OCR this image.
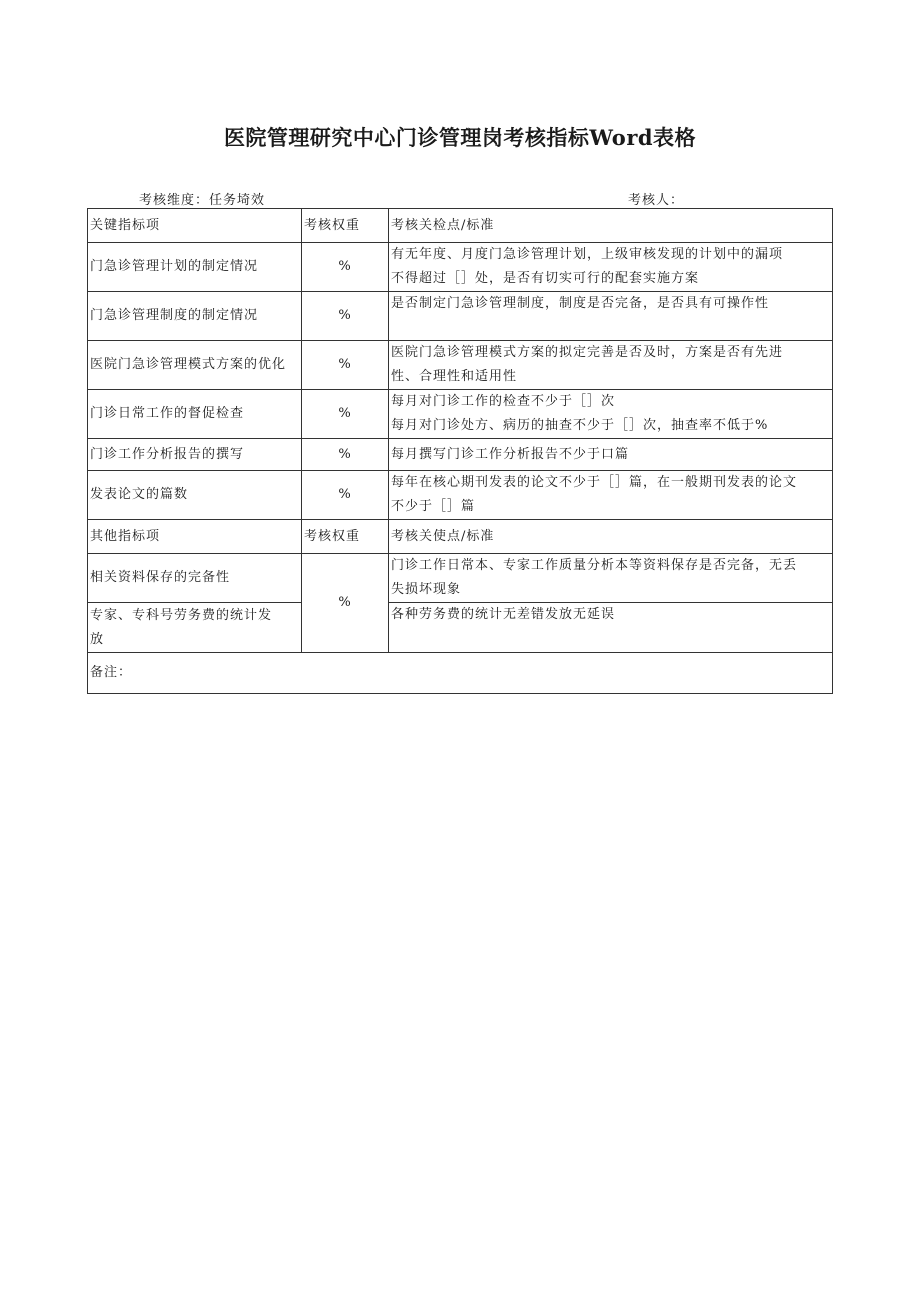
医院管理研究中心门诊管理岗考核指标Word表格
考核维度：任务埼效	考核人：
关键指标项	考核权重	考核关检点/标准
门急诊管理计划的制定情况	%	有无年度、月度门急诊管理计划，上级审核发现的计划中的漏项
不得超过［］处，是否有切实可行的配套实施方案

门急诊管理制度的制定情况	%	是否制定门急诊管理制度，制度是否完备，是否具有可操作性

医院门急诊管理模式方案的优化	%	医院门急诊管理模式方案的拟定完善是否及时，方案是否有先进
性、合理性和适用性

门诊日常工作的督促检查	%	每月对门诊工作的检查不少于［］次
每月对门诊处方、病历的抽查不少于［］次，抽查率不低于%

门诊工作分析报告的撰写	%	每月撰写门诊工作分析报告不少于口篇

发表论文的篇数	%	每年在核心期刊发表的论文不少于［］篇，在一般期刊发表的论文
不少于［］篇

其他指标项	考核权重	考核关使点/标准

相关资料保存的完备性	%	门诊工作日常本、专家工作质量分析本等资料保存是否完备，无丢
失损坏现象

专家、专科号劳务费的统计发
放		各种劳务费的统计无差错发放无延误

备注：		
